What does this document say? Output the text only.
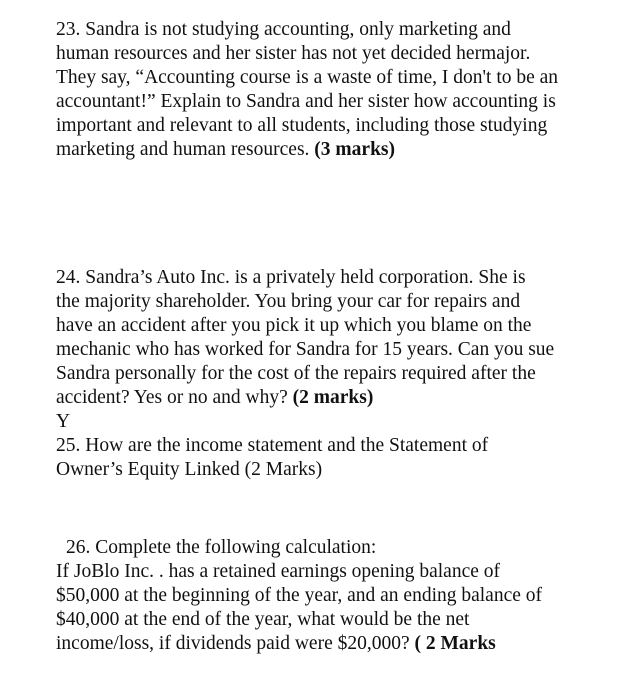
23. Sandra is not studying accounting, only marketing and
human resources and her sister has not yet decided hermajor.
They say, “Accounting course is a waste of time, I don't to be an
accountant!” Explain to Sandra and her sister how accounting is
important and relevant to all students, including those studying
marketing and human resources. (3 marks)
24. Sandra’s Auto Inc. is a privately held corporation. She is
the majority shareholder. You bring your car for repairs and
have an accident after you pick it up which you blame on the
mechanic who has worked for Sandra for 15 years. Can you sue
Sandra personally for the cost of the repairs required after the
accident? Yes or no and why? (2 marks)
Y
25. How are the income statement and the Statement of
Owner’s Equity Linked (2 Marks)
26. Complete the following calculation:
If JoBlo Inc. . has a retained earnings opening balance of
$50,000 at the beginning of the year, and an ending balance of
$40,000 at the end of the year, what would be the net
income/loss, if dividends paid were $20,000? ( 2 Marks
